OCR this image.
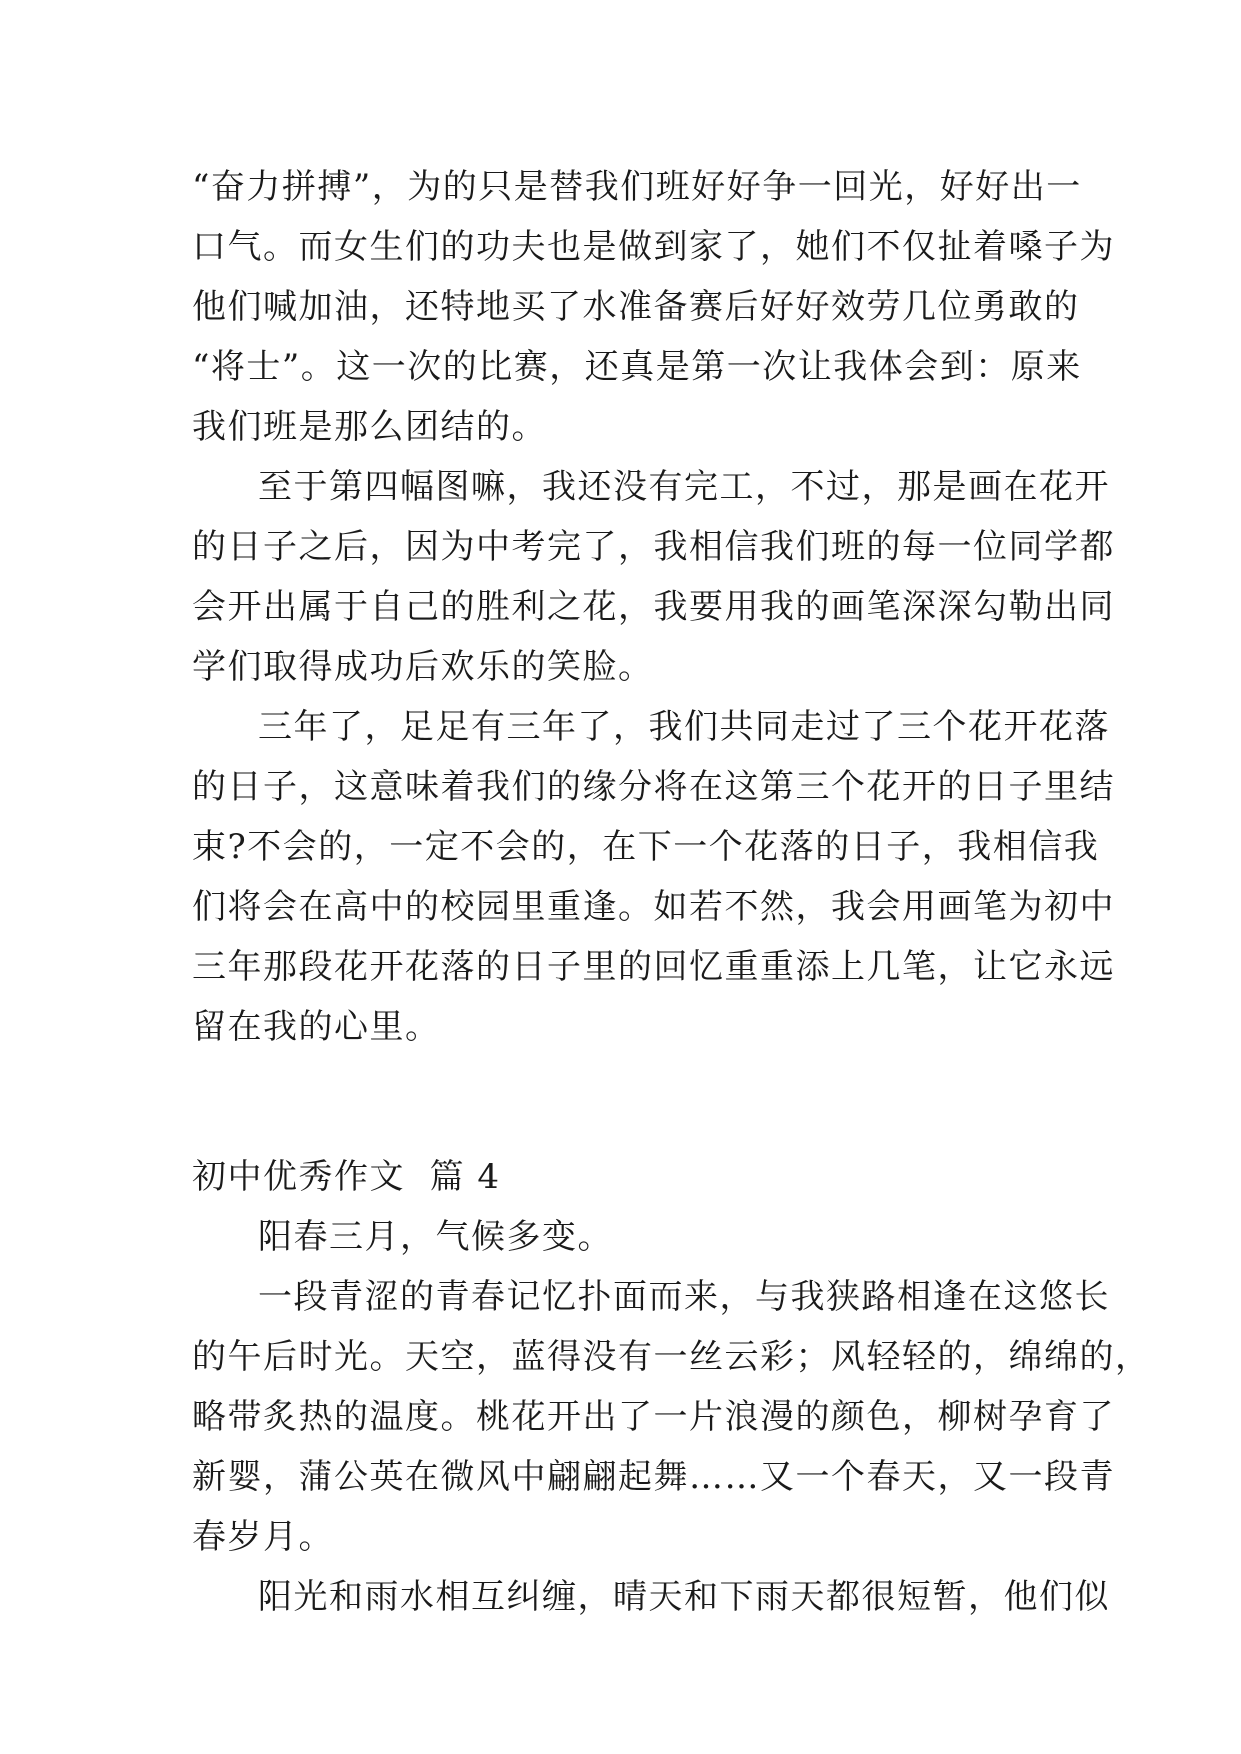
“奋力拼搏”，为的只是替我们班好好争一回光，好好出一
口气。而女生们的功夫也是做到家了，她们不仅扯着嗓子为
他们喊加油，还特地买了水准备赛后好好效劳几位勇敢的
“将士”。这一次的比赛，还真是第一次让我体会到：原来
我们班是那么团结的。
至于第四幅图嘛，我还没有完工，不过，那是画在花开
的日子之后，因为中考完了，我相信我们班的每一位同学都
会开出属于自己的胜利之花，我要用我的画笔深深勾勒出同
学们取得成功后欢乐的笑脸。
三年了，足足有三年了，我们共同走过了三个花开花落
的日子，这意味着我们的缘分将在这第三个花开的日子里结
束?不会的，一定不会的，在下一个花落的日子，我相信我
们将会在高中的校园里重逢。如若不然，我会用画笔为初中
三年那段花开花落的日子里的回忆重重添上几笔，让它永远
留在我的心里。
初中优秀作文  篇 4
阳春三月，气候多变。
一段青涩的青春记忆扑面而来，与我狭路相逢在这悠长
的午后时光。天空，蓝得没有一丝云彩；风轻轻的，绵绵的，
略带炙热的温度。桃花开出了一片浪漫的颜色，柳树孕育了
新婴，蒲公英在微风中翩翩起舞……又一个春天，又一段青
春岁月。
阳光和雨水相互纠缠，晴天和下雨天都很短暂，他们似
